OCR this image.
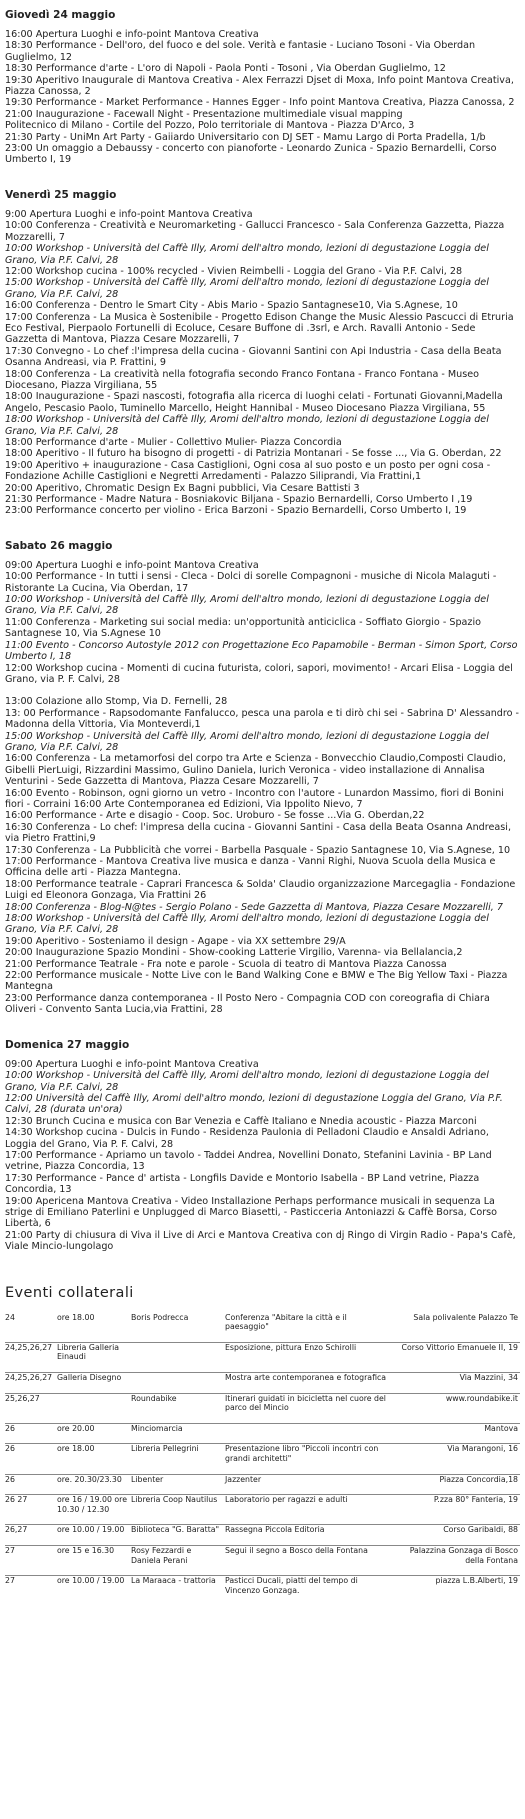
Giovedì 24 maggio

16:00 Apertura Luoghi e info-point Mantova Creativa

18:30 Performance - Dell'oro, del fuoco e del sole. Verità e fantasie - Luciano Tosoni - Via Oberdan Guglielmo, 12

18:30 Performance d'arte - L'oro di Napoli - Paola Ponti - Tosoni , Via Oberdan Guglielmo, 12

19:30 Aperitivo Inaugurale di Mantova Creativa - Alex Ferrazzi Djset di Moxa, Info point Mantova Creativa, Piazza Canossa, 2

19:30 Performance - Market Performance - Hannes Egger - Info point Mantova Creativa, Piazza Canossa, 2

21:00 Inaugurazione - Facewall Night - Presentazione multimediale visual mapping

Politecnico di Milano - Cortile del Pozzo, Polo territoriale di Mantova - Piazza D'Arco, 3

21:30 Party - UniMn Art Party - Gaiiardo Universitario con DJ SET - Mamu Largo di Porta Pradella, 1/b

23:00 Un omaggio a Debaussy - concerto con pianoforte - Leonardo Zunica - Spazio Bernardelli, Corso Umberto I, 19

Venerdì 25 maggio

9:00 Apertura Luoghi e info-point Mantova Creativa

10:00 Conferenza - Creatività e Neuromarketing - Gallucci Francesco - Sala Conferenza Gazzetta, Piazza Mozzarelli, 7

10:00 Workshop - Università del Caffè Illy, Aromi dell'altro mondo, lezioni di degustazione Loggia del Grano, Via P.F. Calvi, 28

12:00 Workshop cucina - 100% recycled - Vivien Reimbelli - Loggia del Grano - Via P.F. Calvi, 28

15:00 Workshop - Università del Caffè Illy, Aromi dell'altro mondo, lezioni di degustazione Loggia del Grano, Via P.F. Calvi, 28

16:00 Conferenza - Dentro le Smart City - Abis Mario - Spazio Santagnese10, Via S.Agnese, 10

17:00 Conferenza - La Musica è Sostenibile - Progetto Edison Change the Music Alessio Pascucci di Etruria Eco Festival, Pierpaolo Fortunelli di Ecoluce, Cesare Buffone di .3srl, e Arch. Ravalli Antonio - Sede Gazzetta di Mantova, Piazza Cesare Mozzarelli, 7

17:30 Convegno - Lo chef :l'impresa della cucina - Giovanni Santini con Api Industria - Casa della Beata Osanna Andreasi, via P. Frattini, 9

18:00 Conferenza - La creatività nella fotografia secondo Franco Fontana - Franco Fontana - Museo Diocesano, Piazza Virgiliana, 55

18:00 Inaugurazione - Spazi nascosti, fotografia alla ricerca di luoghi celati - Fortunati Giovanni,Madella Angelo, Pescasio Paolo, Tuminello Marcello, Height Hannibal - Museo Diocesano Piazza Virgiliana, 55

18:00 Workshop - Università del Caffè Illy, Aromi dell'altro mondo, lezioni di degustazione Loggia del Grano, Via P.F. Calvi, 28

18:00 Performance d'arte - Mulier - Collettivo Mulier- Piazza Concordia

18:00 Aperitivo - Il futuro ha bisogno di progetti - di Patrizia Montanari - Se fosse ..., Via G. Oberdan, 22

19:00 Aperitivo + inaugurazione - Casa Castiglioni, Ogni cosa al suo posto e un posto per ogni cosa - Fondazione Achille Castiglioni e Negretti Arredamenti - Palazzo Siliprandi, Via Frattini,1

20:00 Aperitivo, Chromatic Design Ex Bagni pubblici, Via Cesare Battisti 3

21:30 Performance - Madre Natura - Bosniakovic Biljana - Spazio Bernardelli, Corso Umberto I ,19

23:00 Performance concerto per violino - Erica Barzoni - Spazio Bernardelli, Corso Umberto I, 19

Sabato 26 maggio

09:00 Apertura Luoghi e info-point Mantova Creativa

10:00 Performance - In tutti i sensi - Cleca - Dolci di sorelle Compagnoni - musiche di Nicola Malaguti - Ristorante La Cucina, Via Oberdan, 17

10:00 Workshop - Università del Caffè Illy, Aromi dell'altro mondo, lezioni di degustazione Loggia del Grano, Via P.F. Calvi, 28

11:00 Conferenza - Marketing sui social media: un'opportunità anticiclica - Soffiato Giorgio - Spazio Santagnese 10, Via S.Agnese 10

11:00 Evento - Concorso Autostyle 2012 con Progettazione Eco Papamobile - Berman - Simon Sport, Corso Umberto I, 18

12:00 Workshop cucina - Momenti di cucina futurista, colori, sapori, movimento! - Arcari Elisa - Loggia del Grano, via P. F. Calvi, 28

13:00 Colazione allo Stomp, Via D. Fernelli, 28

13: 00 Performance - Rapsodomante Fanfalucco, pesca una parola e ti dirò chi sei - Sabrina D' Alessandro - Madonna della Vittoria, Via Monteverdi,1

15:00 Workshop - Università del Caffè Illy, Aromi dell'altro mondo, lezioni di degustazione Loggia del Grano, Via P.F. Calvi, 28

16:00 Conferenza - La metamorfosi del corpo tra Arte e Scienza - Bonvecchio Claudio,Composti Claudio, Gibelli PierLuigi, Rizzardini Massimo, Gulino Daniela, lurich Veronica - video installazione di Annalisa Venturini - Sede Gazzetta di Mantova, Piazza Cesare Mozzarelli, 7

16:00 Evento - Robinson, ogni giorno un vetro - Incontro con l'autore - Lunardon Massimo, fiori di Bonini fiori - Corraini 16:00 Arte Contemporanea ed Edizioni, Via Ippolito Nievo, 7

16:00 Performance - Arte e disagio - Coop. Soc. Uroburo - Se fosse ...Via G. Oberdan,22

16:30 Conferenza - Lo chef: l'impresa della cucina - Giovanni Santini - Casa della Beata Osanna Andreasi, via Pietro Frattini,9

17:30 Conferenza - La Pubblicità che vorrei - Barbella Pasquale - Spazio Santagnese 10, Via S.Agnese, 10

17:00 Performance - Mantova Creativa live musica e danza - Vanni Righi, Nuova Scuola della Musica e Officina delle arti - Piazza Mantegna.

18:00 Performance teatrale - Caprari Francesca & Solda' Claudio organizzazione Marcegaglia - Fondazione Luigi ed Eleonora Gonzaga, Via Frattini 26

18:00 Conferenza - Blog-N@tes - Sergio Polano - Sede Gazzetta di Mantova, Piazza Cesare Mozzarelli, 7

18:00 Workshop - Università del Caffè Illy, Aromi dell'altro mondo, lezioni di degustazione Loggia del Grano, Via P.F. Calvi, 28

19:00 Aperitivo - Sosteniamo il design - Agape - via XX settembre 29/A

20:00 Inaugurazione Spazio Mondini - Show-cooking Latterie Virgilio, Varenna- via Bellalancia,2

21:00 Performance Teatrale - Fra note e parole - Scuola di teatro di Mantova Piazza Canossa

22:00 Performance musicale - Notte Live con le Band Walking Cone e BMW e The Big Yellow Taxi - Piazza Mantegna

23:00 Performance danza contemporanea - Il Posto Nero - Compagnia COD con coreografia di Chiara Oliveri - Convento Santa Lucia,via Frattini, 28

Domenica 27 maggio

09:00 Apertura Luoghi e info-point Mantova Creativa

10:00 Workshop - Università del Caffè Illy, Aromi dell'altro mondo, lezioni di degustazione Loggia del Grano, Via P.F. Calvi, 28

12:00 Università del Caffè Illy, Aromi dell'altro mondo, lezioni di degustazione Loggia del Grano, Via P.F. Calvi, 28 (durata un'ora)

12:30 Brunch Cucina e musica con Bar Venezia e Caffè Italiano e Nnedia acoustic - Piazza Marconi

14:30 Workshop cucina - Dulcis in Fundo - Residenza Paulonia di Pelladoni Claudio e Ansaldi Adriano, Loggia del Grano, Via P. F. Calvi, 28

17:00 Performance - Apriamo un tavolo - Taddei Andrea, Novellini Donato, Stefanini Lavinia - BP Land vetrine, Piazza Concordia, 13

17:30 Performance - Pance d' artista - Longfils Davide e Montorio Isabella - BP Land vetrine, Piazza Concordia, 13

19:00 Apericena Mantova Creativa - Video Installazione Perhaps performance musicali in sequenza La strige di Emiliano Paterlini e Unplugged di Marco Biasetti, - Pasticceria Antoniazzi & Caffè Borsa, Corso Libertà, 6

21:00 Party di chiusura di Viva il Live di Arci e Mantova Creativa con dj Ringo di Virgin Radio - Papa's Cafè, Viale Mincio-lungolago

Eventi collaterali
24	ore 18.00	Boris Podrecca	Conferenza "Abitare la città e il paesaggio"	Sala polivalente Palazzo Te
24,25,26,27	Libreria Galleria Einaudi		Esposizione, pittura Enzo Schirolli	Corso Vittorio Emanuele II, 19
24,25,26,27	Galleria Disegno		Mostra arte contemporanea e fotografica	Via Mazzini, 34
25,26,27		Roundabike	Itinerari guidati in bicicletta nel cuore del parco del Mincio	www.roundabike.it
26	ore 20.00	Minciomarcia		Mantova
26	ore 18.00	Libreria Pellegrini	Presentazione libro "Piccoli incontri con grandi architetti"	Via Marangoni, 16
26	ore. 20.30/23.30	Libenter	Jazzenter	Piazza Concordia,18
26 27	ore 16 / 19.00 ore 10.30 / 12.30	Libreria Coop Nautilus	Laboratorio per ragazzi e adulti	P.zza 80° Fanteria, 19
26,27	ore 10.00 / 19.00	Biblioteca "G. Baratta"	Rassegna Piccola Editoria	Corso Garibaldi, 88
27	ore 15 e 16.30	Rosy Fezzardi e Daniela Perani	Segui il segno a Bosco della Fontana	Palazzina Gonzaga di Bosco della Fontana
27	ore 10.00 / 19.00	La Maraaca - trattoria	Pasticci Ducali, piatti del tempo di Vincenzo Gonzaga.	piazza L.B.Alberti, 19
